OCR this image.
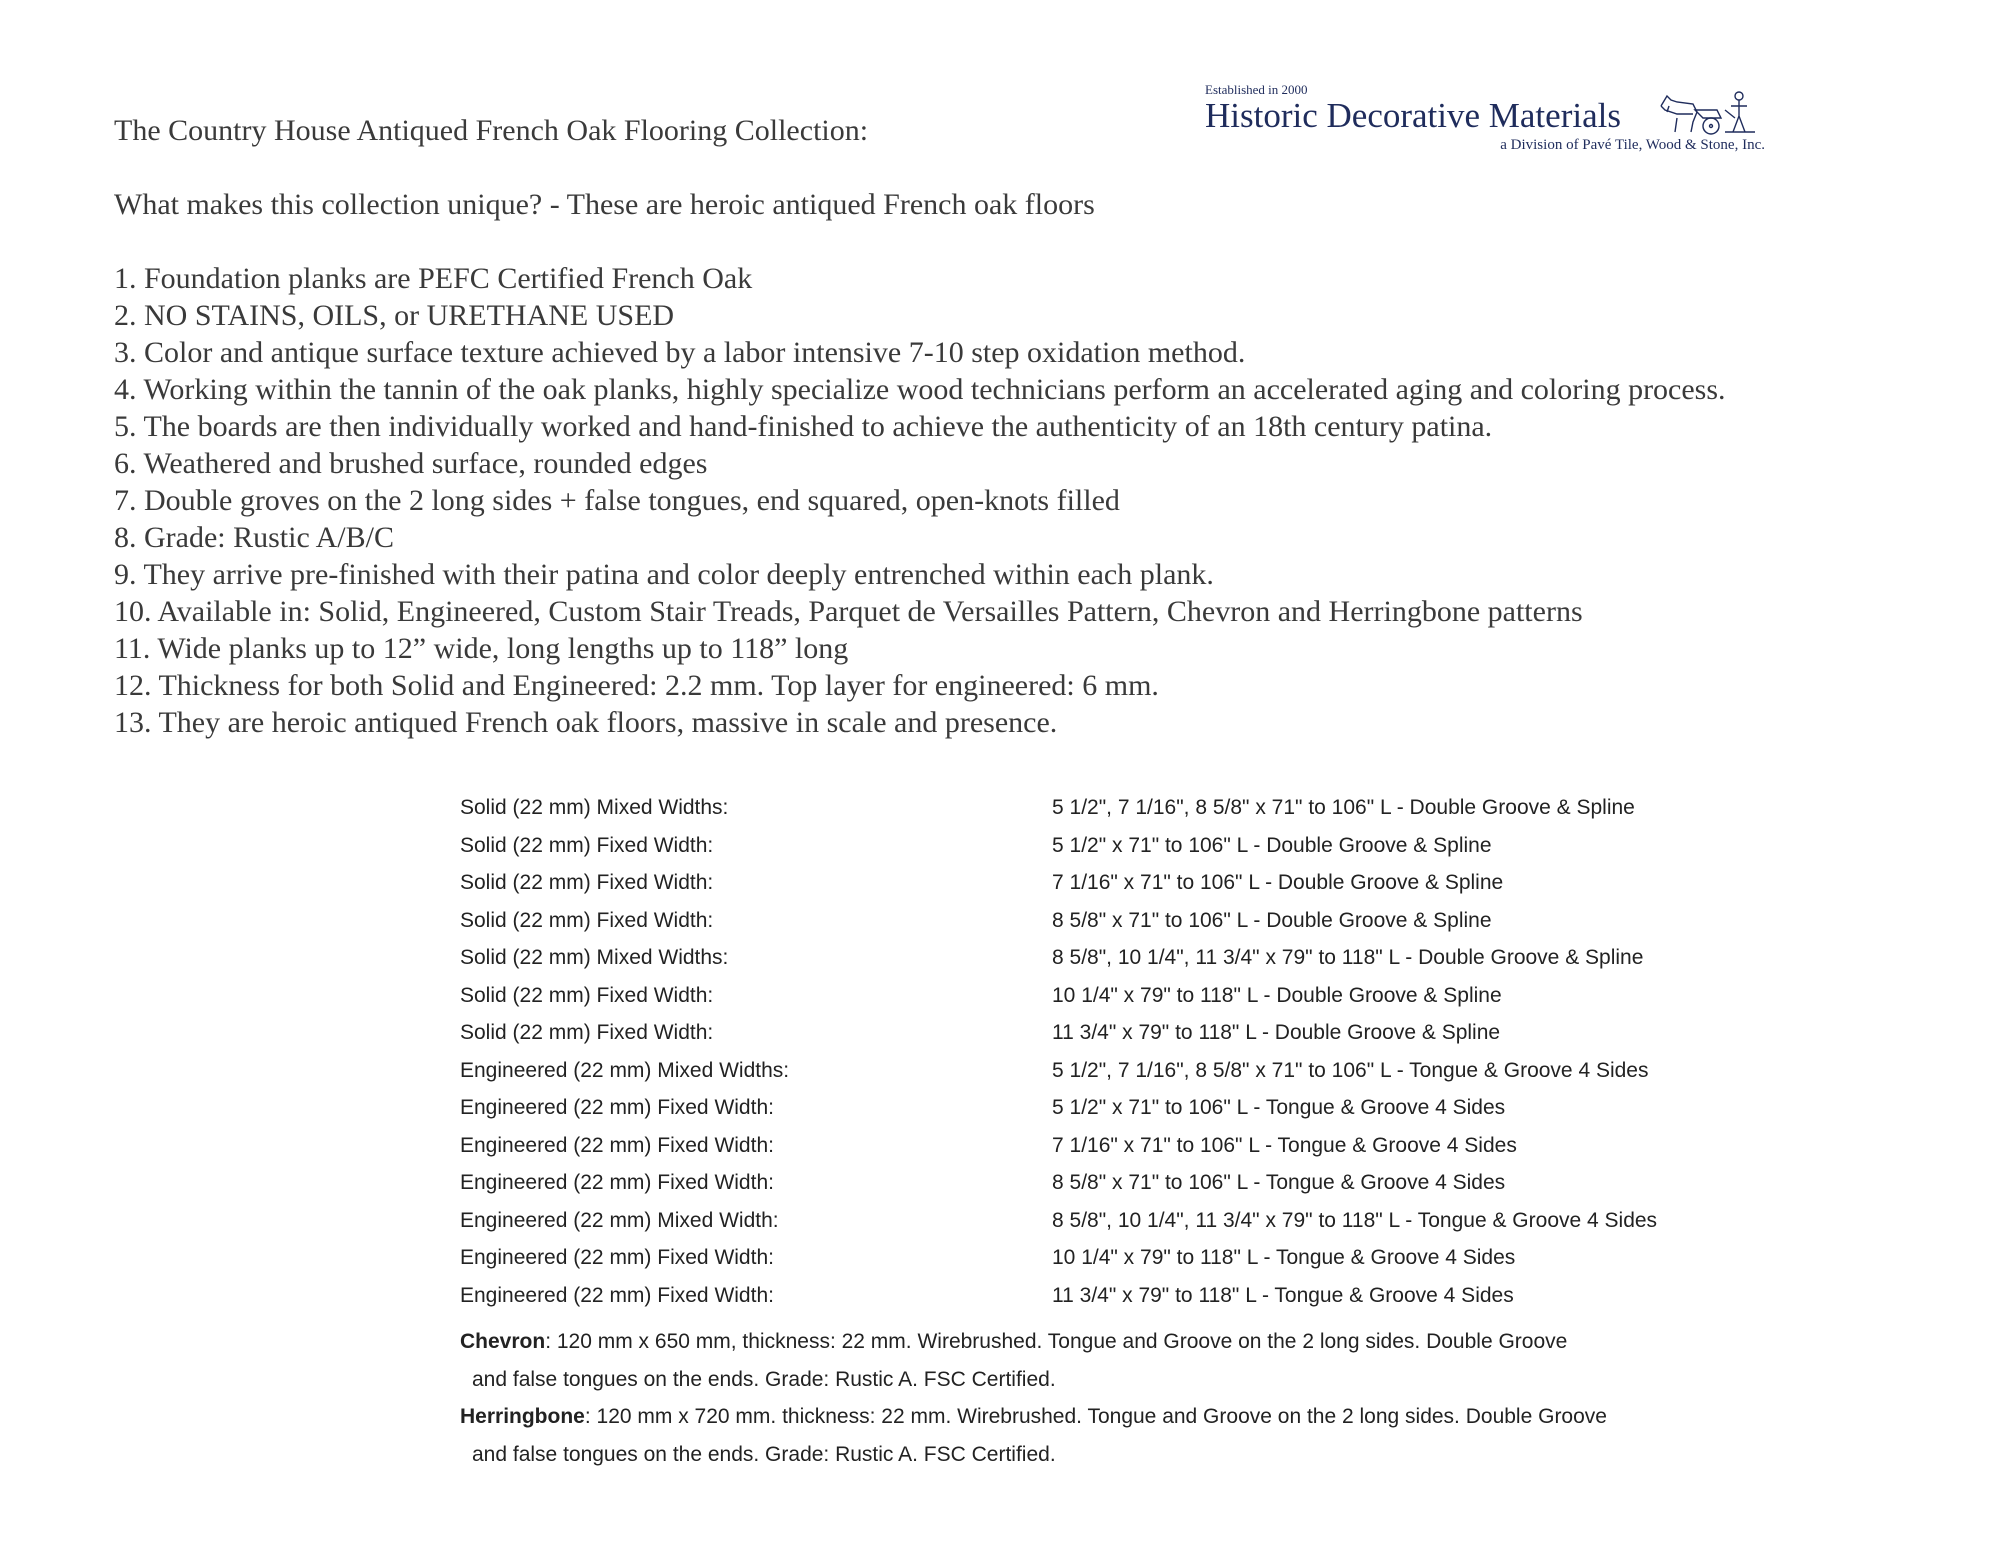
Established in 2000
Historic Decorative Materials
a Division of Pavé Tile, Wood & Stone, Inc.
The Country House Antiqued French Oak Flooring Collection:
What makes this collection unique? - These are heroic antiqued French oak floors
1. Foundation planks are PEFC Certified French Oak
2. NO STAINS, OILS, or URETHANE USED
3. Color and antique surface texture achieved by a labor intensive 7-10 step oxidation method.
4. Working within the tannin of the oak planks, highly specialize wood technicians perform an accelerated aging and coloring process.
5. The boards are then individually worked and hand-finished to achieve the authenticity of an 18th century patina.
6. Weathered and brushed surface, rounded edges
7. Double groves on the 2 long sides + false tongues, end squared, open-knots filled
8. Grade: Rustic A/B/C
9. They arrive pre-finished with their patina and color deeply entrenched within each plank.
10. Available in: Solid, Engineered, Custom Stair Treads, Parquet de Versailles Pattern, Chevron and Herringbone patterns
11. Wide planks up to 12” wide, long lengths up to 118” long
12. Thickness for both Solid and Engineered: 2.2 mm. Top layer for engineered: 6 mm.
13. They are heroic antiqued French oak floors, massive in scale and presence.
Solid (22 mm) Mixed Widths:	5 1/2", 7 1/16", 8 5/8" x 71" to 106" L - Double Groove & Spline
Solid (22 mm) Fixed Width:	5 1/2" x 71" to 106" L - Double Groove & Spline
Solid (22 mm) Fixed Width:	7 1/16" x 71" to 106" L - Double Groove & Spline
Solid (22 mm) Fixed Width:	8 5/8" x 71" to 106" L - Double Groove & Spline
Solid (22 mm) Mixed Widths:	8 5/8", 10 1/4", 11 3/4" x 79" to 118" L - Double Groove & Spline
Solid (22 mm) Fixed Width:	10 1/4" x 79" to 118" L - Double Groove & Spline
Solid (22 mm) Fixed Width:	11 3/4" x 79" to 118" L - Double Groove & Spline
Engineered (22 mm) Mixed Widths:	5 1/2", 7 1/16", 8 5/8" x 71" to 106" L - Tongue & Groove 4 Sides
Engineered (22 mm) Fixed Width:	5 1/2" x 71" to 106" L - Tongue & Groove 4 Sides
Engineered (22 mm) Fixed Width:	7 1/16" x 71" to 106" L - Tongue & Groove 4 Sides
Engineered (22 mm) Fixed Width:	8 5/8" x 71" to 106" L - Tongue & Groove 4 Sides
Engineered (22 mm) Mixed Width:	8 5/8", 10 1/4", 11 3/4" x 79" to 118" L - Tongue & Groove 4 Sides
Engineered (22 mm) Fixed Width:	10 1/4" x 79" to 118" L - Tongue & Groove 4 Sides
Engineered (22 mm) Fixed Width:	11 3/4" x 79" to 118" L - Tongue & Groove 4 Sides
Chevron: 120 mm x 650 mm, thickness: 22 mm. Wirebrushed. Tongue and Groove on the 2 long sides. Double Groove
and false tongues on the ends. Grade: Rustic A. FSC Certified.
Herringbone: 120 mm x 720 mm. thickness: 22 mm. Wirebrushed. Tongue and Groove on the 2 long sides. Double Groove
and false tongues on the ends. Grade: Rustic A. FSC Certified.
